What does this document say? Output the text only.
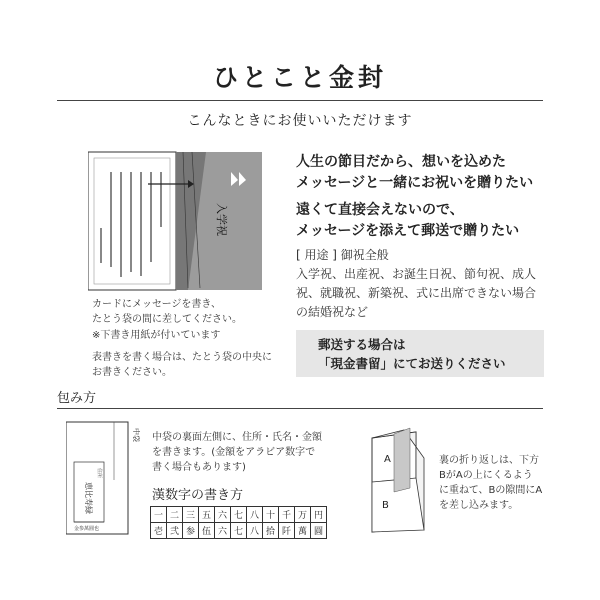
ひとこと金封
こんなときにお使いいただけます
入学祝
カードにメッセージを書き、
たとう袋の間に差してください。
※下書き用紙が付いています
表書きを書く場合は、たとう袋の中央に
お書きください。
人生の節目だから、想いを込めた
メッセージと一緒にお祝いを贈りたい
遠くて直接会えないので、
メッセージを添えて郵送で贈りたい
[ 用途 ] 御祝全般
入学祝、出産祝、お誕生日祝、節句祝、成人
祝、就職祝、新築祝、式に出席できない場合
の結婚祝など
郵送する場合は
「現金書留」にてお送りください
包み方
恵比寿緑
住所
金参萬圓也
中袋 中袋の裏面左側に、住所・氏名・金額
を書きます。(金額をアラビア数字で
書く場合もあります)
漢数字の書き方
一	二	三	五	六	七	八	十	千	万	円
壱	弐	参	伍	六	七	八	拾	阡	萬	圓
A
B
裏の折り返しは、下方
BがAの上にくるよう
に重ねて、Bの隙間にA
を差し込みます。
